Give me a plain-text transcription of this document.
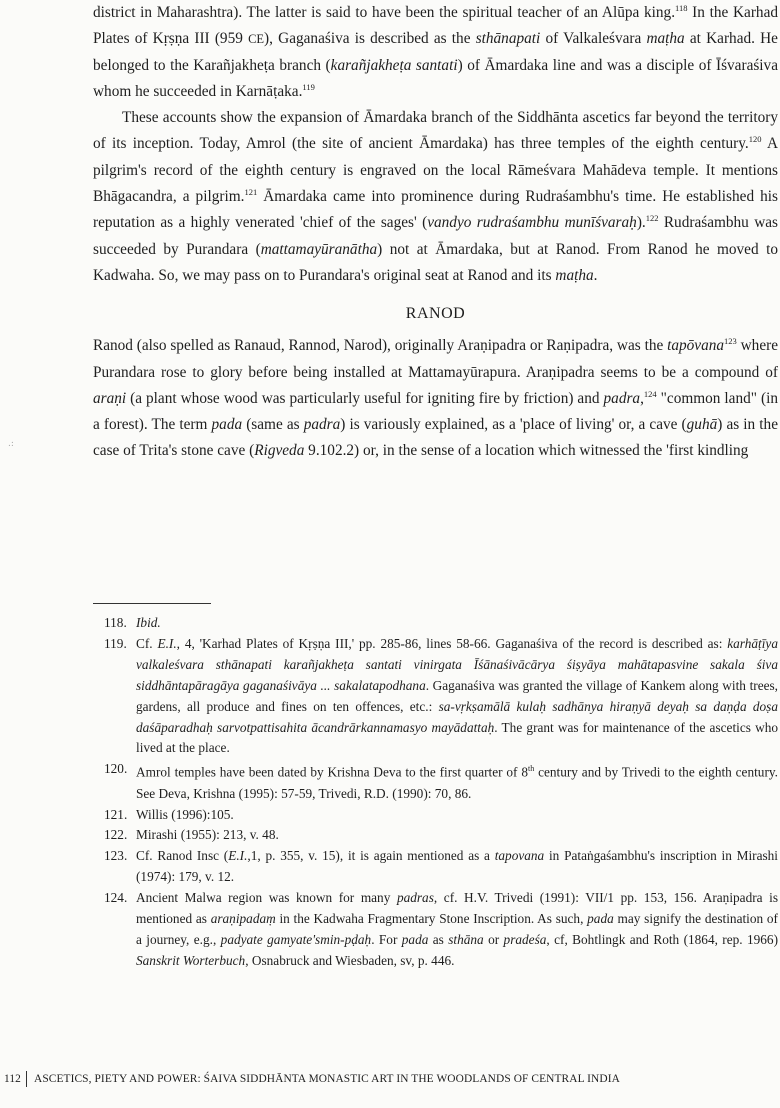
district in Maharashtra). The latter is said to have been the spiritual teacher of an Alūpa king.$^{118}$ In the Karhad Plates of Kṛṣṇa III (959 CE), Gaganaśiva is described as the sthānapati of Valkaleśvara maṭha at Karhad. He belonged to the Karañjakheṭa branch (karañjakheṭa santati) of Āmardaka line and was a disciple of Īśvaraśiva whom he succeeded in Karnāṭaka.$^{119}$

These accounts show the expansion of Āmardaka branch of the Siddhānta ascetics far beyond the territory of its inception. Today, Amrol (the site of ancient Āmardaka) has three temples of the eighth century.$^{120}$ A pilgrim's record of the eighth century is engraved on the local Rāmeśvara Mahādeva temple. It mentions Bhāgacandra, a pilgrim.$^{121}$ Āmardaka came into prominence during Rudraśambhu's time. He established his reputation as a highly venerated 'chief of the sages' (vandyo rudraśambhu munīśvaraḥ).$^{122}$ Rudraśambhu was succeeded by Purandara (mattamayūranātha) not at Āmardaka, but at Ranod. From Ranod he moved to Kadwaha. So, we may pass on to Purandara's original seat at Ranod and its maṭha.

RANOD

Ranod (also spelled as Ranaud, Rannod, Narod), originally Araṇipadra or Raṇipadra, was the tapōvana$^{123}$ where Purandara rose to glory before being installed at Mattamayūrapura. Araṇipadra seems to be a compound of araṇi (a plant whose wood was particularly useful for igniting fire by friction) and padra,$^{124}$ "common land" (in a forest). The term pada (same as padra) is variously explained, as a 'place of living' or, a cave (guhā) as in the case of Trita's stone cave (Rigveda 9.102.2) or, in the sense of a location which witnessed the 'first kindling

.:
118. Ibid.
119. Cf. E.I., 4, 'Karhad Plates of Kṛṣṇa III,' pp. 285-86, lines 58-66. Gaganaśiva of the record is described as: karhāṭīya valkaleśvara sthānapati karañjakheṭa santati vinirgata Īśānaśivācārya śiṣyāya mahātapasvine sakala śiva siddhāntapāragāya gaganaśivāya ... sakalatapodhana. Gaganaśiva was granted the village of Kankem along with trees, gardens, all produce and fines on ten offences, etc.: sa-vṛkṣamālā kulaḥ sadhānya hiraṇyā deyaḥ sa daṇḍa doṣa daśāparadhaḥ sarvotpattisahita ācandrārkannamasyo mayādattaḥ. The grant was for maintenance of the ascetics who lived at the place.
120. Amrol temples have been dated by Krishna Deva to the first quarter of 8th century and by Trivedi to the eighth century. See Deva, Krishna (1995): 57-59, Trivedi, R.D. (1990): 70, 86.
121. Willis (1996):105.
122. Mirashi (1955): 213, v. 48.
123. Cf. Ranod Insc (E.I.,1, p. 355, v. 15), it is again mentioned as a tapovana in Pataṅgaśambhu's inscription in Mirashi (1974): 179, v. 12.
124. Ancient Malwa region was known for many padras, cf. H.V. Trivedi (1991): VII/1 pp. 153, 156. Araṇipadra is mentioned as araṇipadaṃ in the Kadwaha Fragmentary Stone Inscription. As such, pada may signify the destination of a journey, e.g., padyate gamyate'smin-pḍaḥ. For pada as sthāna or pradeśa, cf, Bohtlingk and Roth (1864, rep. 1966) Sanskrit Worterbuch, Osnabruck and Wiesbaden, sv, p. 446.
112 ASCETICS, PIETY AND POWER: ŚAIVA SIDDHĀNTA MONASTIC ART IN THE WOODLANDS OF CENTRAL INDIA
